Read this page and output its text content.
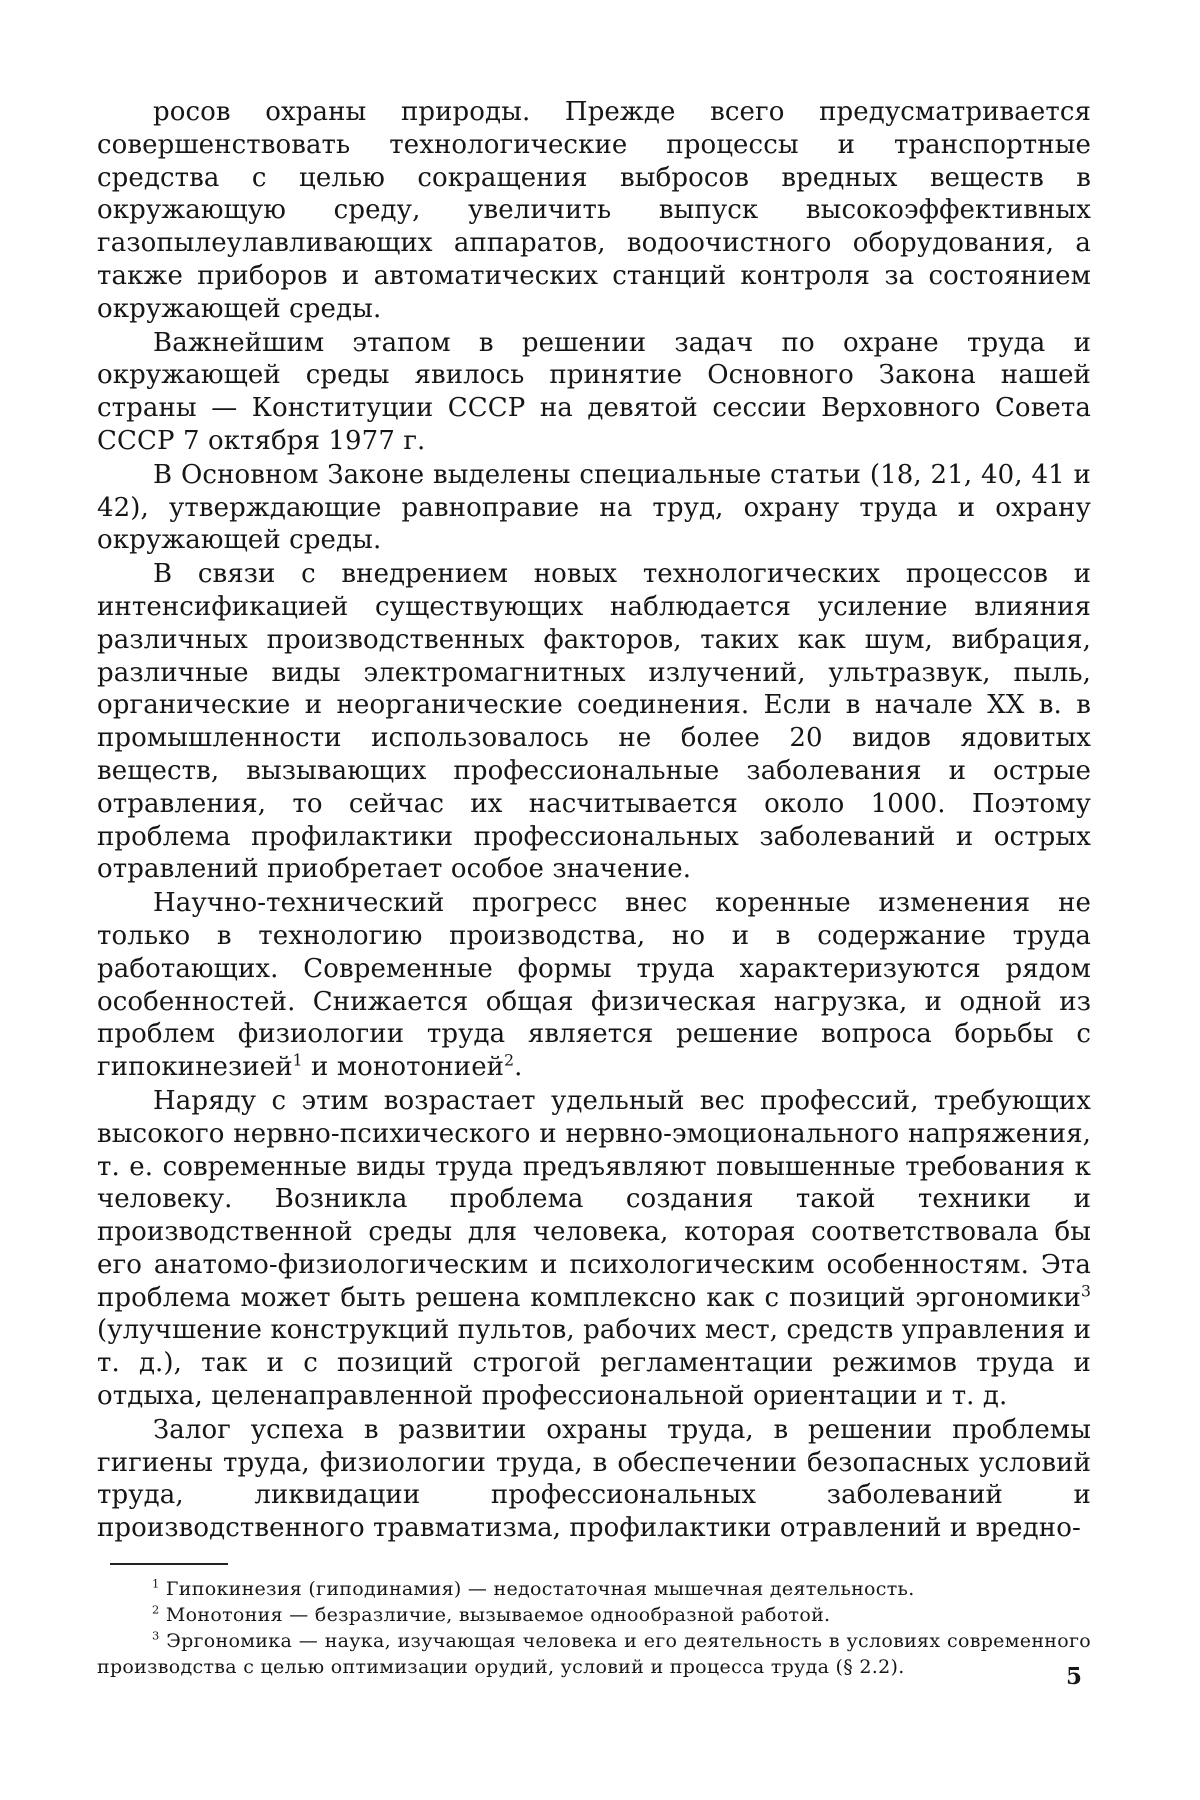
росов охраны природы. Прежде всего предусматривается совершенствовать технологические процессы и транспортные средства с целью сокращения выбросов вредных веществ в окружающую среду, увеличить выпуск высокоэффективных газопылеулавливающих аппаратов, водоочистного оборудования, а также приборов и автоматических станций контроля за состоянием окружающей среды.

Важнейшим этапом в решении задач по охране труда и окружающей среды явилось принятие Основного Закона нашей страны — Конституции СССР на девятой сессии Верховного Совета СССР 7 октября 1977 г.

В Основном Законе выделены специальные статьи (18, 21, 40, 41 и 42), утверждающие равноправие на труд, охрану труда и охрану окружающей среды.

В связи с внедрением новых технологических процессов и интенсификацией существующих наблюдается усиление влияния различных производственных факторов, таких как шум, вибрация, различные виды электромагнитных излучений, ультразвук, пыль, органические и неорганические соединения. Если в начале XX в. в промышленности использовалось не более 20 видов ядовитых веществ, вызывающих профессиональные заболевания и острые отравления, то сейчас их насчитывается около 1000. Поэтому проблема профилактики профессиональных заболеваний и острых отравлений приобретает особое значение.

Научно-технический прогресс внес коренные изменения не только в технологию производства, но и в содержание труда работающих. Современные формы труда характеризуются рядом особенностей. Снижается общая физическая нагрузка, и одной из проблем физиологии труда является решение вопроса борьбы с гипокинезией1 и монотонией2.

Наряду с этим возрастает удельный вес профессий, требующих высокого нервно-психического и нервно-эмоционального напряжения, т. е. современные виды труда предъявляют повышенные требования к человеку. Возникла проблема создания такой техники и производственной среды для человека, которая соответствовала бы его анатомо-физиологическим и психологическим особенностям. Эта проблема может быть решена комплексно как с позиций эргономики3 (улучшение конструкций пультов, рабочих мест, средств управления и т. д.), так и с позиций строгой регламентации режимов труда и отдыха, целенаправленной профессиональной ориентации и т. д.

Залог успеха в развитии охраны труда, в решении проблемы гигиены труда, физиологии труда, в обеспечении безопасных условий труда, ликвидации профессиональных заболеваний и производственного травматизма, профилактики отравлений и вредно-

1 Гипокинезия (гиподинамия) — недостаточная мышечная деятельность.

2 Монотония — безразличие, вызываемое однообразной работой.

3 Эргономика — наука, изучающая человека и его деятельность в условиях современного производства с целью оптимизации орудий, условий и процесса труда (§ 2.2).	5
